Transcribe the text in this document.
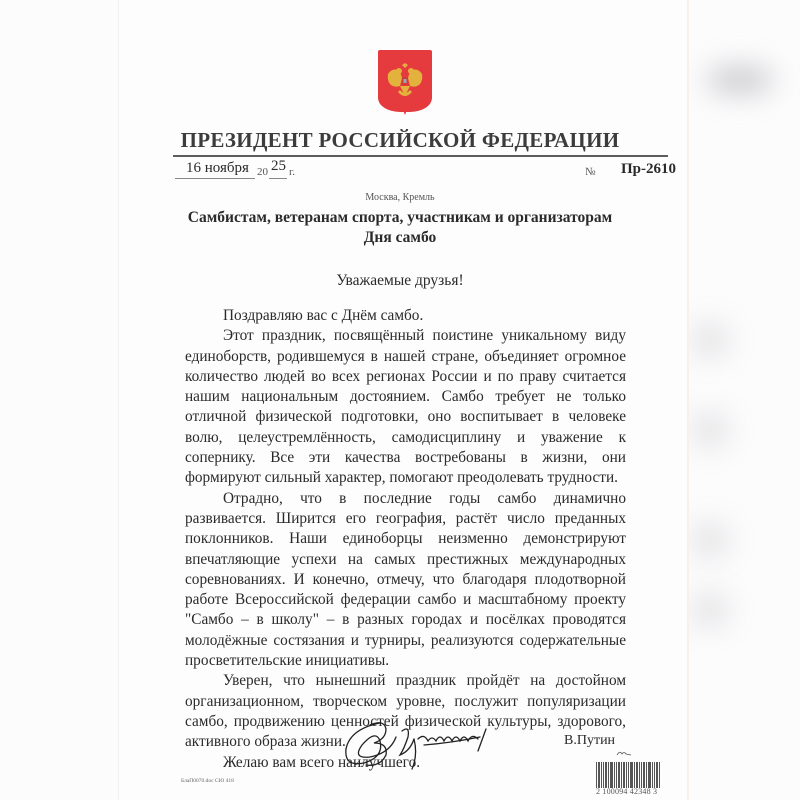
ПРЕЗИДЕНТ РОССИЙСКОЙ ФЕДЕРАЦИИ
16 ноября 20 25 г.	№ Пр-2610
Москва, Кремль
Самбистам, ветеранам спорта, участникам и организаторам
Дня самбо
Уважаемые друзья!

Поздравляю вас с Днём самбо.

Этот праздник, посвящённый поистине уникальному виду единоборств, родившемуся в нашей стране, объединяет огромное количество людей во всех регионах России и по праву считается нашим национальным достоянием. Самбо требует не только отличной физической подготовки, оно воспитывает в человеке волю, целеустремлённость, самодисциплину и уважение к сопернику. Все эти качества востребованы в жизни, они формируют сильный характер, помогают преодолевать трудности.

Отрадно, что в последние годы самбо динамично развивается. Ширится его география, растёт число преданных поклонников. Наши единоборцы неизменно демонстрируют впечатляющие успехи на самых престижных международных соревнованиях. И конечно, отмечу, что благодаря плодотворной работе Всероссийской федерации самбо и масштабному проекту "Самбо – в школу" – в разных городах и посёлках проводятся молодёжные состязания и турниры, реализуются содержательные просветительские инициативы.

Уверен, что нынешний праздник пройдёт на достойном организационном, творческом уровне, послужит популяризации самбо, продвижению ценностей физической культуры, здорового, активного образа жизни.

Желаю вам всего наилучшего.

В.Путин
БлаП0070.doc СЮ 418
2 100094 42348 3
